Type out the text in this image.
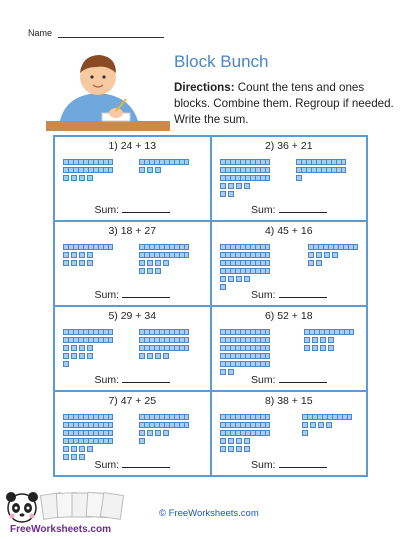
Name
Block Bunch
Directions: Count the tens and ones blocks. Combine them. Regroup if needed. Write the sum.
1) 24 + 13
Sum:
2) 36 + 21
Sum:
3) 18 + 27
Sum:
4) 45 + 16
Sum:
5) 29 + 34
Sum:
6) 52 + 18
Sum:
7) 47 + 25
Sum:
8) 38 + 15
Sum:
FreeWorksheets.com
© FreeWorksheets.com
